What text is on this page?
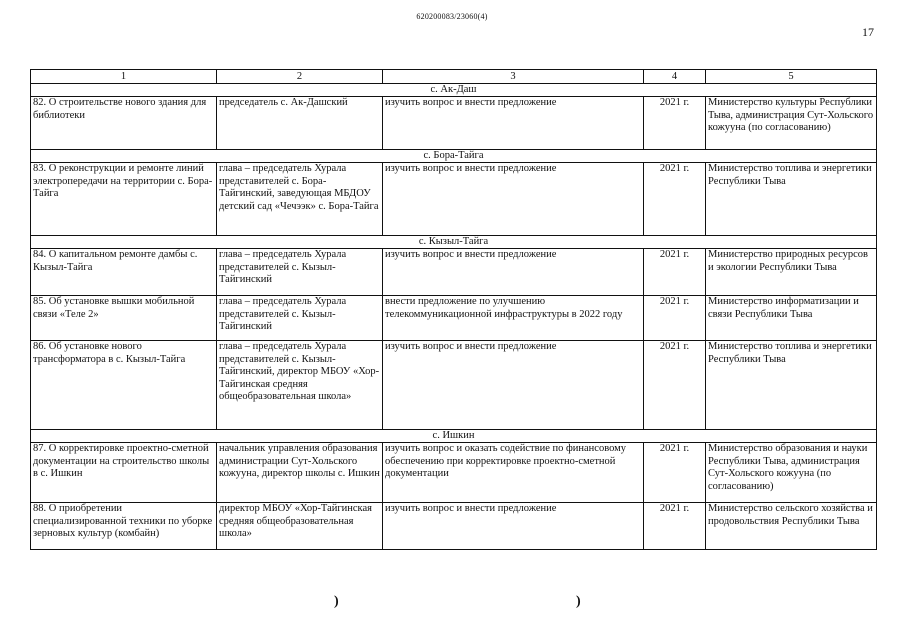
620200083/23060(4)
17
1	2	3	4	5
с. Ак-Даш				
82. О строительстве нового здания для библиотеки	председатель с. Ак-Дашский	изучить вопрос и внести предложение	2021 г.	Министерство культуры Республики Тыва, администрация Сут-Хольского кожууна (по согласованию)
с. Бора-Тайга				
83. О реконструкции и ремонте линий электропередачи на территории с. Бора-Тайга	глава – председатель Хурала представителей с. Бора-Тайгинский, заведующая МБДОУ детский сад «Чечээк» с. Бора-Тайга	изучить вопрос и внести предложение	2021 г.	Министерство топлива и энергетики Республики Тыва
с. Кызыл-Тайга				
84. О капитальном ремонте дамбы с. Кызыл-Тайга	глава – председатель Хурала представителей с. Кызыл-Тайгинский	изучить вопрос и внести предложение	2021 г.	Министерство природных ресурсов и экологии Республики Тыва
85. Об установке вышки мобильной связи «Теле 2»	глава – председатель Хурала представителей с. Кызыл-Тайгинский	внести предложение по улучшению телекоммуникационной инфраструктуры в 2022 году	2021 г.	Министерство информатизации и связи Республики Тыва
86. Об установке нового трансформатора в с. Кызыл-Тайга	глава – председатель Хурала представителей с. Кызыл-Тайгинский, директор МБОУ «Хор-Тайгинская средняя общеобразовательная школа»	изучить вопрос и внести предложение	2021 г.	Министерство топлива и энергетики Республики Тыва
с. Ишкин				
87. О корректировке проектно-сметной документации на строительство школы в с. Ишкин	начальник управления образования администрации Сут-Хольского кожууна, директор школы с. Ишкин	изучить вопрос и оказать содействие по финансовому обеспечению при корректировке проектно-сметной документации	2021 г.	Министерство образования и науки Республики Тыва, администрация Сут-Хольского кожууна (по согласованию)
88. О приобретении специализированной техники по уборке зерновых культур (комбайн)	директор МБОУ «Хор-Тайгинская средняя общеобразовательная школа»	изучить вопрос и внести предложение	2021 г.	Министерство сельского хозяйства и продовольствия Республики Тыва
)	)
